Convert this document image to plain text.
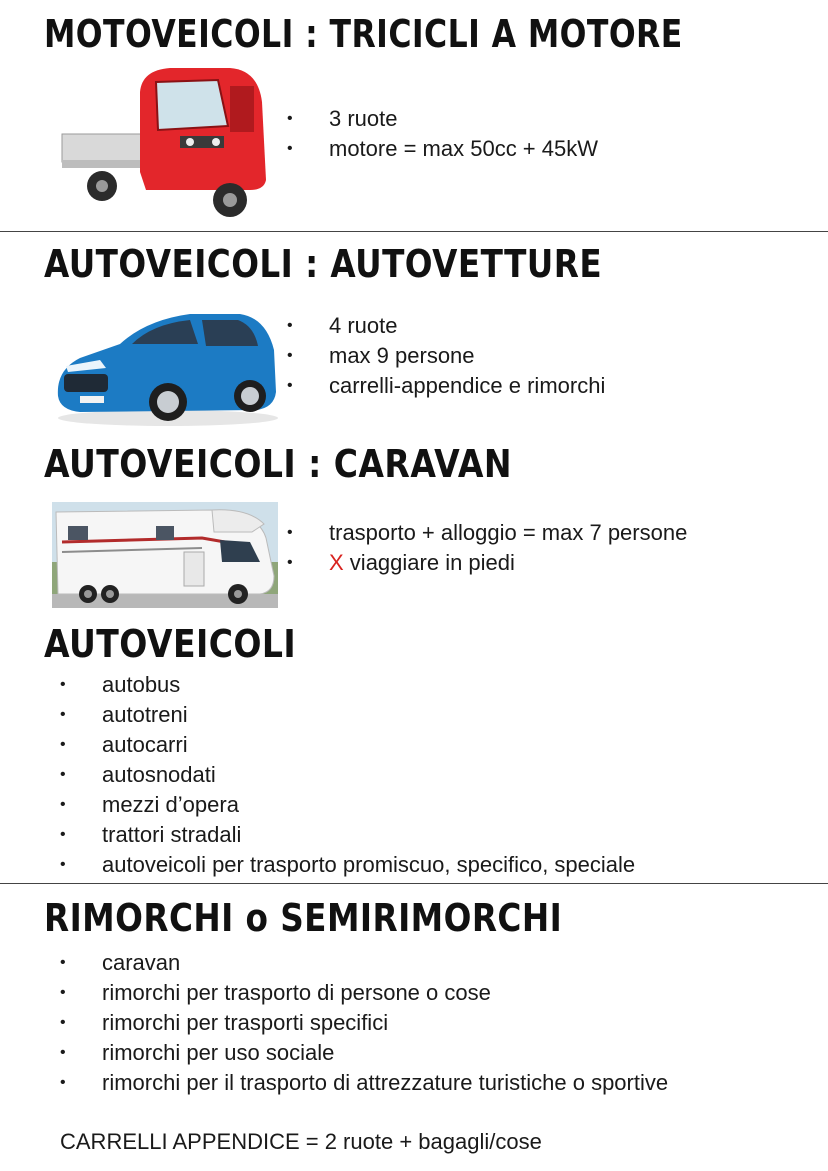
MOTOVEICOLI : TRICICLI A MOTORE
• 3 ruote
• motore = max 50cc + 45kW
AUTOVEICOLI : AUTOVETTURE
• 4 ruote
• max 9 persone
• carrelli-appendice e rimorchi
AUTOVEICOLI : CARAVAN
• trasporto + alloggio = max 7 persone
• X viaggiare in piedi
AUTOVEICOLI
• autobus
• autotreni
• autocarri
• autosnodati
• mezzi d’opera
• trattori stradali
• autoveicoli per trasporto promiscuo, specifico, speciale
RIMORCHI o SEMIRIMORCHI
• caravan
• rimorchi per trasporto di persone o cose
• rimorchi per trasporti specifici
• rimorchi per uso sociale
• rimorchi per il trasporto di attrezzature turistiche o sportive
CARRELLI APPENDICE = 2 ruote + bagagli/cose
